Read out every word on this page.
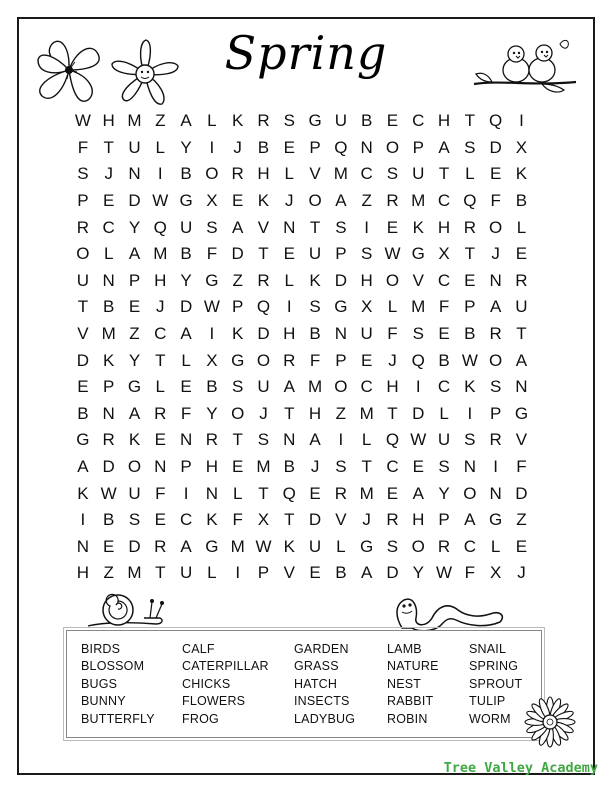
Spring
W H M Z A L K R S G U B E C H T Q I
F T U L Y	I	J B E P Q N O P A S D X
S J N	I	B O R H L V M C S U T L E K
P E D W G X E K J O A Z R M C Q F B
R C Y Q U S A V N T S	I	E K H R O L
O L A M B F D T E U P S W G X T J E
U N P H Y G Z R L K D H O V C E N R
T B E J D W P Q I	S G X L M F P A U
V M Z C A	I	K D H B N U F S E B R T
D K Y T L X G O R F P E J Q B W O A
E P G L E B S U A M O C H	I	C K S N
B N A R F Y O J T H Z M T D L	I	P G
G R K E N R T S N A	I	L Q W U S R V
A D O N P H E M B J S T C E S N	I	F
K W U F	I	N L T Q E R M E A Y O N D
I	B S E C K F X T D V J R H P A G Z
N E D R A G M W K U L G S O R C L E
H Z M T U L	I	P V E B A D Y W F X J
BIRDS	CALF	GARDEN	LAMB	SNAIL
BLOSSOM	CATERPILLAR	GRASS	NATURE	SPRING
BUGS	CHICKS	HATCH	NEST	SPROUT
BUNNY	FLOWERS	INSECTS	RABBIT	TULIP
BUTTERFLY	FROG	LADYBUG	ROBIN	WORM
Tree Valley Academy
